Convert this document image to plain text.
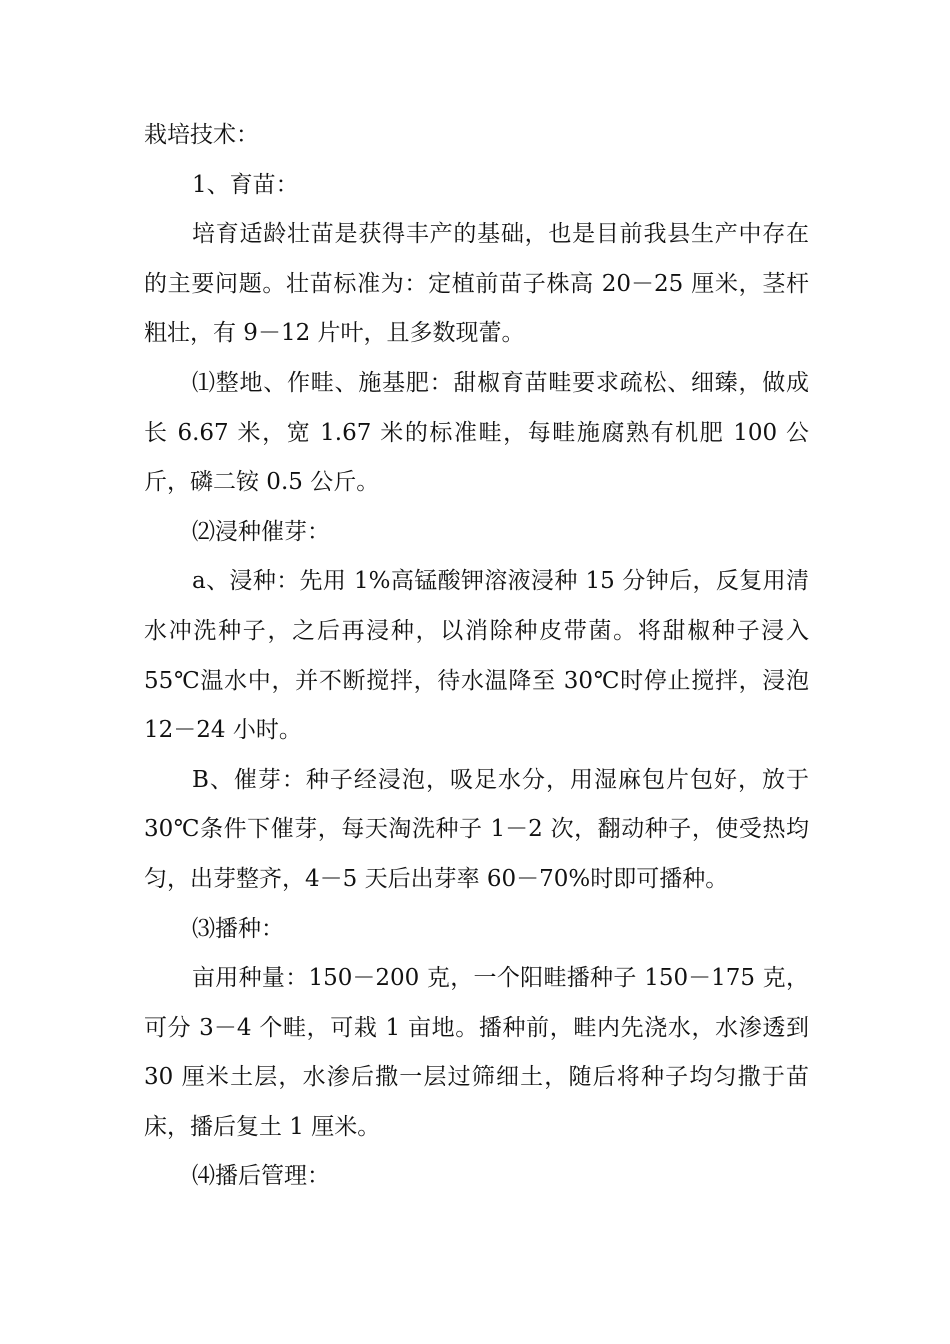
栽培技术：

1、育苗：

培育适龄壮苗是获得丰产的基础，也是目前我县生产中存在的主要问题。壮苗标准为：定植前苗子株高 20－25 厘米，茎杆粗壮，有 9－12 片叶，且多数现蕾。

⑴整地、作畦、施基肥：甜椒育苗畦要求疏松、细臻，做成长 6.67 米，宽 1.67 米的标准畦，每畦施腐熟有机肥 100 公斤，磷二铵 0.5 公斤。

⑵浸种催芽：

a、浸种：先用 1%高锰酸钾溶液浸种 15 分钟后，反复用清水冲洗种子，之后再浸种，以消除种皮带菌。将甜椒种子浸入 55℃温水中，并不断搅拌，待水温降至 30℃时停止搅拌，浸泡 12－24 小时。

B、催芽：种子经浸泡，吸足水分，用湿麻包片包好，放于 30℃条件下催芽，每天淘洗种子 1－2 次，翻动种子，使受热均匀，出芽整齐，4－5 天后出芽率 60－70%时即可播种。

⑶播种：

亩用种量：150－200 克，一个阳畦播种子 150－175 克，可分 3－4 个畦，可栽 1 亩地。播种前，畦内先浇水，水渗透到 30 厘米土层，水渗后撒一层过筛细土，随后将种子均匀撒于苗床，播后复土 1 厘米。

⑷播后管理：
